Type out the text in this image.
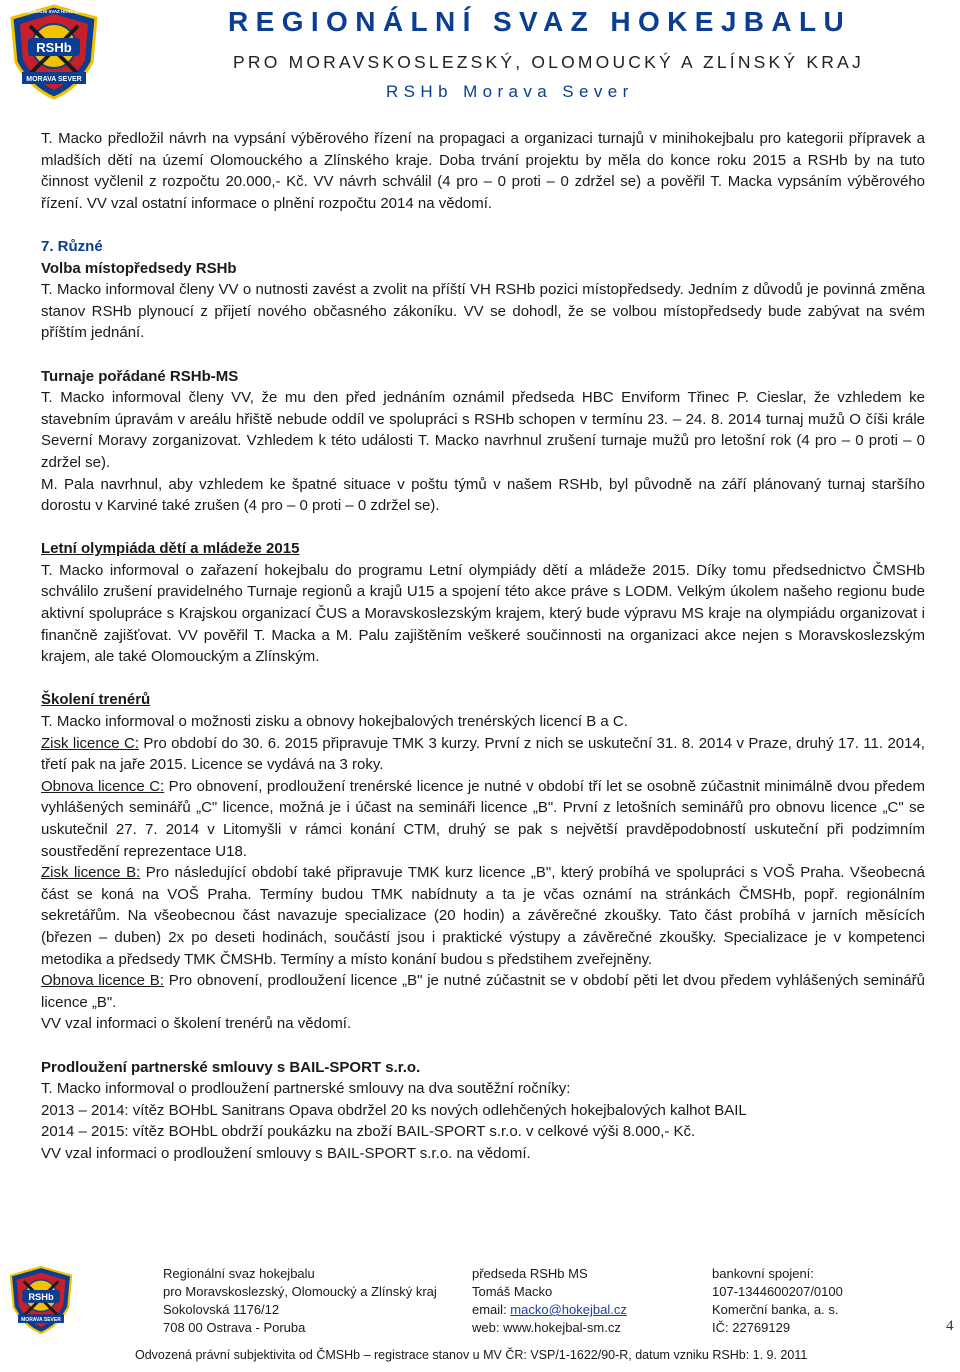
RSHb
MORAVA SEVER
REGIONÁLNÍ SVAZ HOKEJBALU	REGIONÁLNÍ SVAZ HOKEJBALU
PRO MORAVSKOSLEZSKÝ, OLOMOUCKÝ A ZLÍNSKÝ KRAJ
RSHb Morava Sever

T. Macko předložil návrh na vypsání výběrového řízení na propagaci a organizaci turnajů v minihokejbalu pro kategorii přípravek a mladších dětí na území Olomouckého a Zlínského kraje. Doba trvání projektu by měla do konce roku 2015 a RSHb by na tuto činnost vyčlenil z rozpočtu 20.000,- Kč. VV návrh schválil (4 pro – 0 proti – 0 zdržel se) a pověřil T. Macka vypsáním výběrového řízení. VV vzal ostatní informace o plnění rozpočtu 2014 na vědomí.

7. Různé

Volba místopředsedy RSHb

T. Macko informoval členy VV o nutnosti zavést a zvolit na příští VH RSHb pozici místopředsedy. Jedním z důvodů je povinná změna stanov RSHb plynoucí z přijetí nového občasného zákoníku. VV se dohodl, že se volbou místopředsedy bude zabývat na svém příštím jednání.

Turnaje pořádané RSHb-MS

T. Macko informoval členy VV, že mu den před jednáním oznámil předseda HBC Enviform Třinec P. Cieslar, že vzhledem ke stavebním úpravám v areálu hřiště nebude oddíl ve spolupráci s RSHb schopen v termínu 23. – 24. 8. 2014 turnaj mužů O číši krále Severní Moravy zorganizovat. Vzhledem k této události T. Macko navrhnul zrušení turnaje mužů pro letošní rok (4 pro – 0 proti – 0 zdržel se).

M. Pala navrhnul, aby vzhledem ke špatné situace v poštu týmů v našem RSHb, byl původně na září plánovaný turnaj staršího dorostu v Karviné také zrušen (4 pro – 0 proti – 0 zdržel se).

Letní olympiáda dětí a mládeže 2015

T. Macko informoval o zařazení hokejbalu do programu Letní olympiády dětí a mládeže 2015. Díky tomu předsednictvo ČMSHb schválilo zrušení pravidelného Turnaje regionů a krajů U15 a spojení této akce práve s LODM. Velkým úkolem našeho regionu bude aktivní spolupráce s Krajskou organizací ČUS a Moravskoslezským krajem, který bude výpravu MS kraje na olympiádu organizovat i finančně zajišťovat. VV pověřil T. Macka a M. Palu zajištěním veškeré součinnosti na organizaci akce nejen s Moravskoslezským krajem, ale také Olomouckým a Zlínským.

Školení trenérů

T. Macko informoval o možnosti zisku a obnovy hokejbalových trenérských licencí B a C.

Zisk licence C: Pro období do 30. 6. 2015 připravuje TMK 3 kurzy. První z nich se uskuteční 31. 8. 2014 v Praze, druhý 17. 11. 2014, třetí pak na jaře 2015. Licence se vydává na 3 roky.

Obnova licence C: Pro obnovení, prodloužení trenérské licence je nutné v období tří let se osobně zúčastnit minimálně dvou předem vyhlášených seminářů „C" licence, možná je i účast na semináři licence „B". První z letošních seminářů pro obnovu licence „C" se uskutečnil 27. 7. 2014 v Litomyšli v rámci konání CTM, druhý se pak s největší pravděpodobností uskuteční při podzimním soustředění reprezentace U18.

Zisk licence B: Pro následující období také připravuje TMK kurz licence „B", který probíhá ve spolupráci s VOŠ Praha. Všeobecná část se koná na VOŠ Praha. Termíny budou TMK nabídnuty a ta je včas oznámí na stránkách ČMSHb, popř. regionálním sekretářům. Na všeobecnou část navazuje specializace (20 hodin) a závěrečné zkoušky. Tato část probíhá v jarních měsících (březen – duben) 2x po deseti hodinách, součástí jsou i praktické výstupy a závěrečné zkoušky. Specializace je v kompetenci metodika a předsedy TMK ČMSHb. Termíny a místo konání budou s předstihem zveřejněny.

Obnova licence B: Pro obnovení, prodloužení licence „B" je nutné zúčastnit se v období pěti let dvou předem vyhlášených seminářů licence „B".

VV vzal informaci o školení trenérů na vědomí.

Prodloužení partnerské smlouvy s BAIL-SPORT s.r.o.

T. Macko informoval o prodloužení partnerské smlouvy na dva soutěžní ročníky:

2013 – 2014: vítěz BOHbL Sanitrans Opava obdržel 20 ks nových odlehčených hokejbalových kalhot BAIL

2014 – 2015: vítěz BOHbL obdrží poukázku na zboží BAIL-SPORT s.r.o. v celkové výši 8.000,- Kč.

VV vzal informaci o prodloužení smlouvy s BAIL-SPORT s.r.o. na vědomí.

RSHb
MORAVA SEVER
Regionální svaz hokejbalu
pro Moravskoslezský, Olomoucký a Zlínský kraj
Sokolovská 1176/12
708 00 Ostrava - Poruba
předseda RSHb MS
Tomáš Macko
email: macko@hokejbal.cz
web: www.hokejbal-sm.cz
bankovní spojení:
107-1344600207/0100
Komerční banka, a. s.
IČ: 22769129	4
Odvozená právní subjektivita od ČMSHb – registrace stanov u MV ČR: VSP/1-1622/90-R, datum vzniku RSHb: 1. 9. 2011
